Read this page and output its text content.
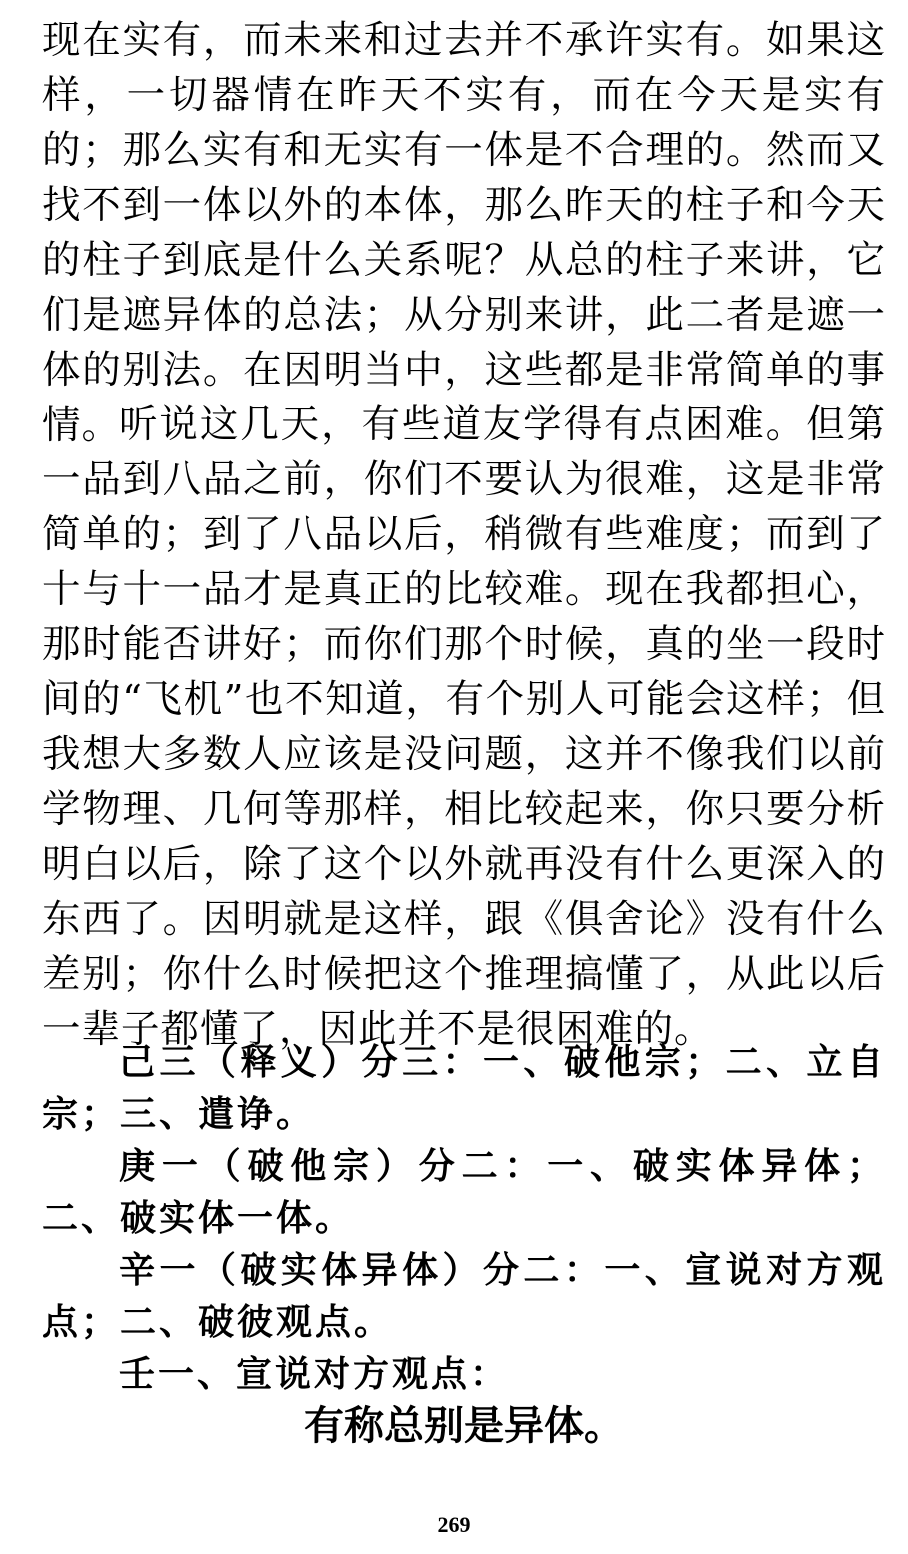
现在实有，而未来和过去并不承许实有。如果这样，一切器情在昨天不实有，而在今天是实有的；那么实有和无实有一体是不合理的。然而又找不到一体以外的本体，那么昨天的柱子和今天的柱子到底是什么关系呢？从总的柱子来讲，它们是遮异体的总法；从分别来讲，此二者是遮一体的别法。在因明当中，这些都是非常简单的事情。

听说这几天，有些道友学得有点困难。但第一品到八品之前，你们不要认为很难，这是非常简单的；到了八品以后，稍微有些难度；而到了十与十一品才是真正的比较难。现在我都担心，那时能否讲好；而你们那个时候，真的坐一段时间的“飞机”也不知道，有个别人可能会这样；但我想大多数人应该是没问题，这并不像我们以前学物理、几何等那样，相比较起来，你只要分析明白以后，除了这个以外就再没有什么更深入的东西了。因明就是这样，跟《俱舍论》没有什么差别；你什么时候把这个推理搞懂了，从此以后一辈子都懂了，因此并不是很困难的。

己三（释义）分三：一、破他宗；二、立自宗；三、遣诤。

庚一（破他宗）分二：一、破实体异体；二、破实体一体。

辛一（破实体异体）分二：一、宣说对方观点；二、破彼观点。

壬一、宣说对方观点：

有称总别是异体。
269
